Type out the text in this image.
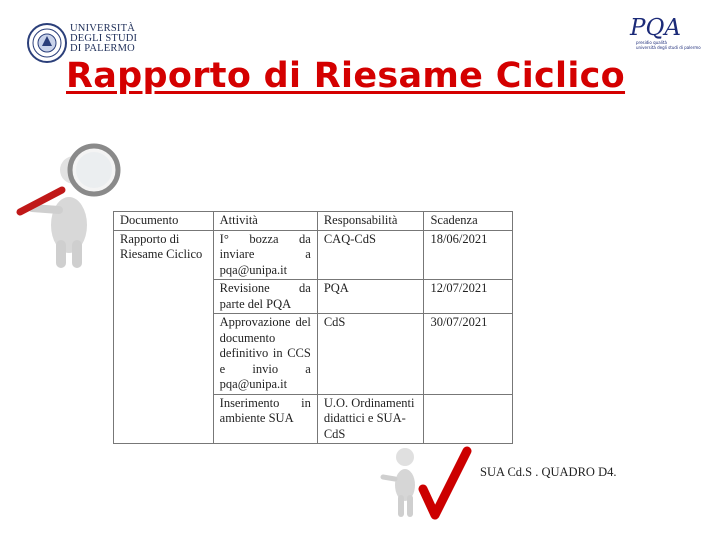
UNIVERSITÀ
DEGLI STUDI
DI PALERMO
PQA
presidio qualità
università degli studi di palermo
Rapporto di Riesame Ciclico
Documento	Attività	Responsabilità	Scadenza
Rapporto di Riesame Ciclico	I° bozza da inviare a pqa@unipa.it	CAQ-CdS	18/06/2021
	Revisione da parte del PQA	PQA	12/07/2021
	Approvazione del documento definitivo in CCS e invio a pqa@unipa.it	CdS	30/07/2021
	Inserimento in ambiente SUA	U.O. Ordinamenti didattici e SUA-CdS	
SUA Cd.S . QUADRO D4.
